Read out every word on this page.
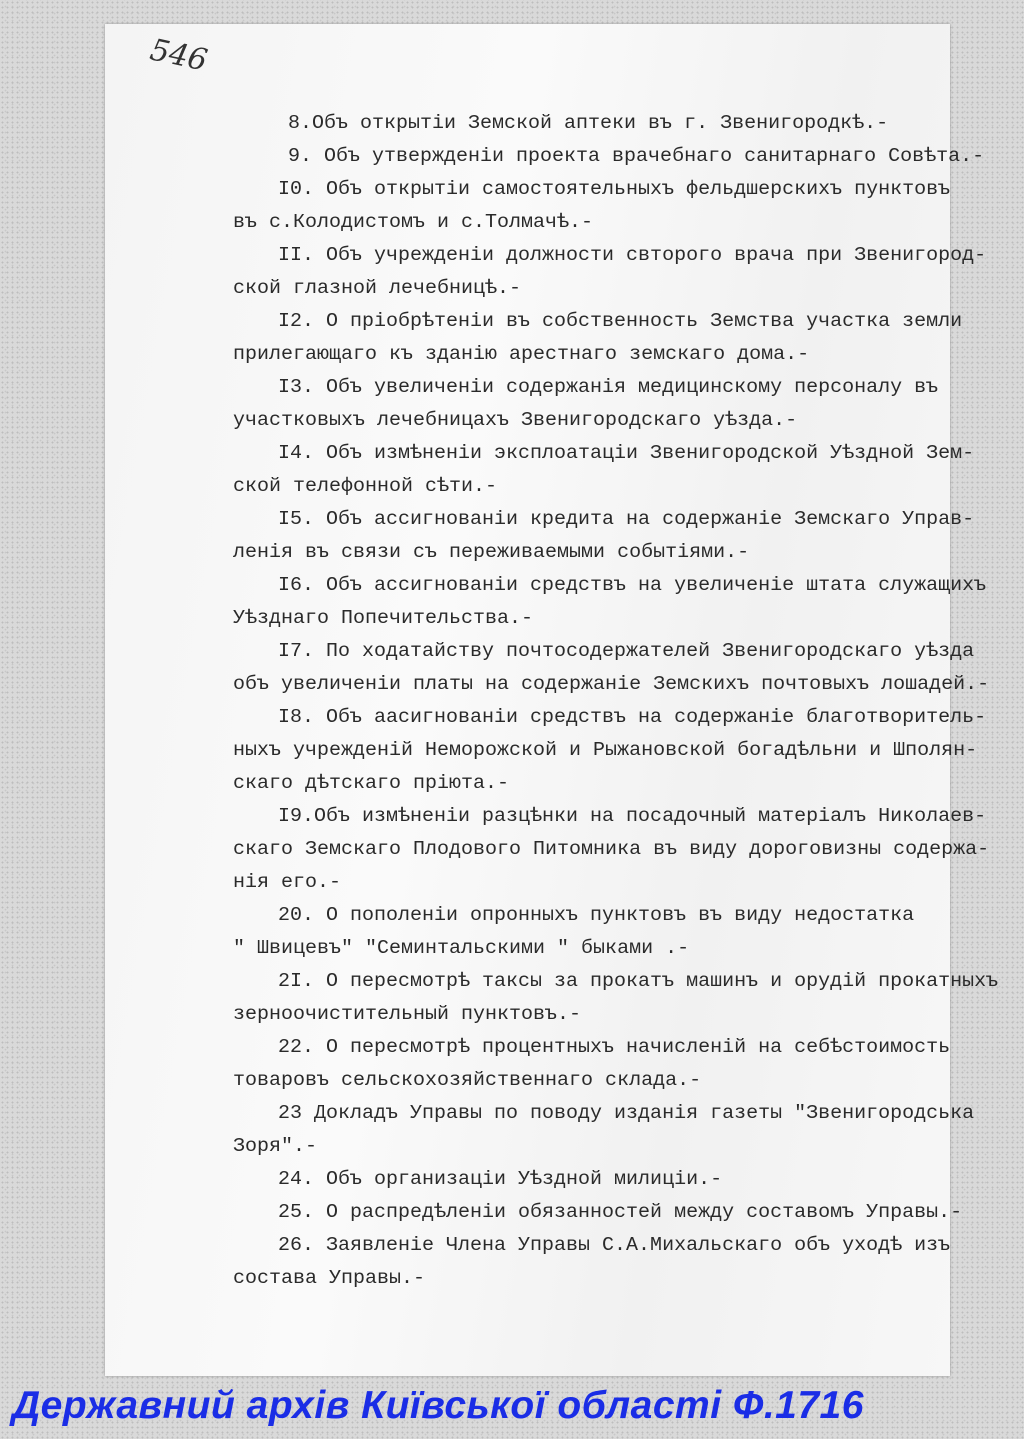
546
8.Объ открытіи Земской аптеки въ г. Звенигородкѣ.-
9. Объ утвержденіи проекта врачебнаго санитарнаго Совѣта.-
I0. Объ открытіи самостоятельныхъ фельдшерскихъ пунктовъ
въ с.Колодистомъ и с.Толмачѣ.-
II. Объ учрежденіи должности свторого врача при Звенигород-
ской глазной лечебницѣ.-
I2. О пріобрѣтеніи въ собственность Земства участка земли
прилегающаго къ зданію арестнаго земскаго дома.-
I3. Объ увеличеніи содержанія медицинскому персоналу въ
участковыхъ лечебницахъ Звенигородскаго уѣзда.-
I4. Объ измѣненіи эксплоатаціи Звенигородской Уѣздной Зем-
ской телефонной сѣти.-
I5. Объ ассигнованіи кредита на содержаніе Земскаго Управ-
ленія въ связи съ переживаемыми событіями.-
I6. Объ ассигнованіи средствъ на увеличеніе штата служащихъ
Уѣзднаго Попечительства.-
I7. По ходатайству почтосодержателей Звенигородскаго уѣзда
объ увеличеніи платы на содержаніе Земскихъ почтовыхъ лошадей.-
I8. Объ аасигнованіи средствъ на содержаніе благотворитель-
ныхъ учрежденій Неморожской и Рыжановской богадѣльни и Шполян-
скаго дѣтскаго пріюта.-
I9.Объ измѣненіи разцѣнки на посадочный матеріалъ Николаев-
скаго Земскаго Плодового Питомника въ виду дороговизны содержа-
нія его.-
20. О пополеніи опронныхъ пунктовъ въ виду недостатка
" Швицевъ" "Семинтальскими " быками .-
2I. О пересмотрѣ таксы за прокатъ машинъ и орудій прокатныхъ
зерноочистительный пунктовъ.-
22. О пересмотрѣ процентныхъ начисленій на себѣстоимость
товаровъ сельскохозяйственнаго склада.-
23 Докладъ Управы по поводу изданія газеты "Звенигородська
Зоря".-
24. Объ организаціи Уѣздной милиціи.-
25. О распредѣленіи обязанностей между составомъ Управы.-
26. Заявленіе Члена Управы С.А.Михальскаго объ уходѣ изъ
состава Управы.-
Державний архів Київської області Ф.1716
